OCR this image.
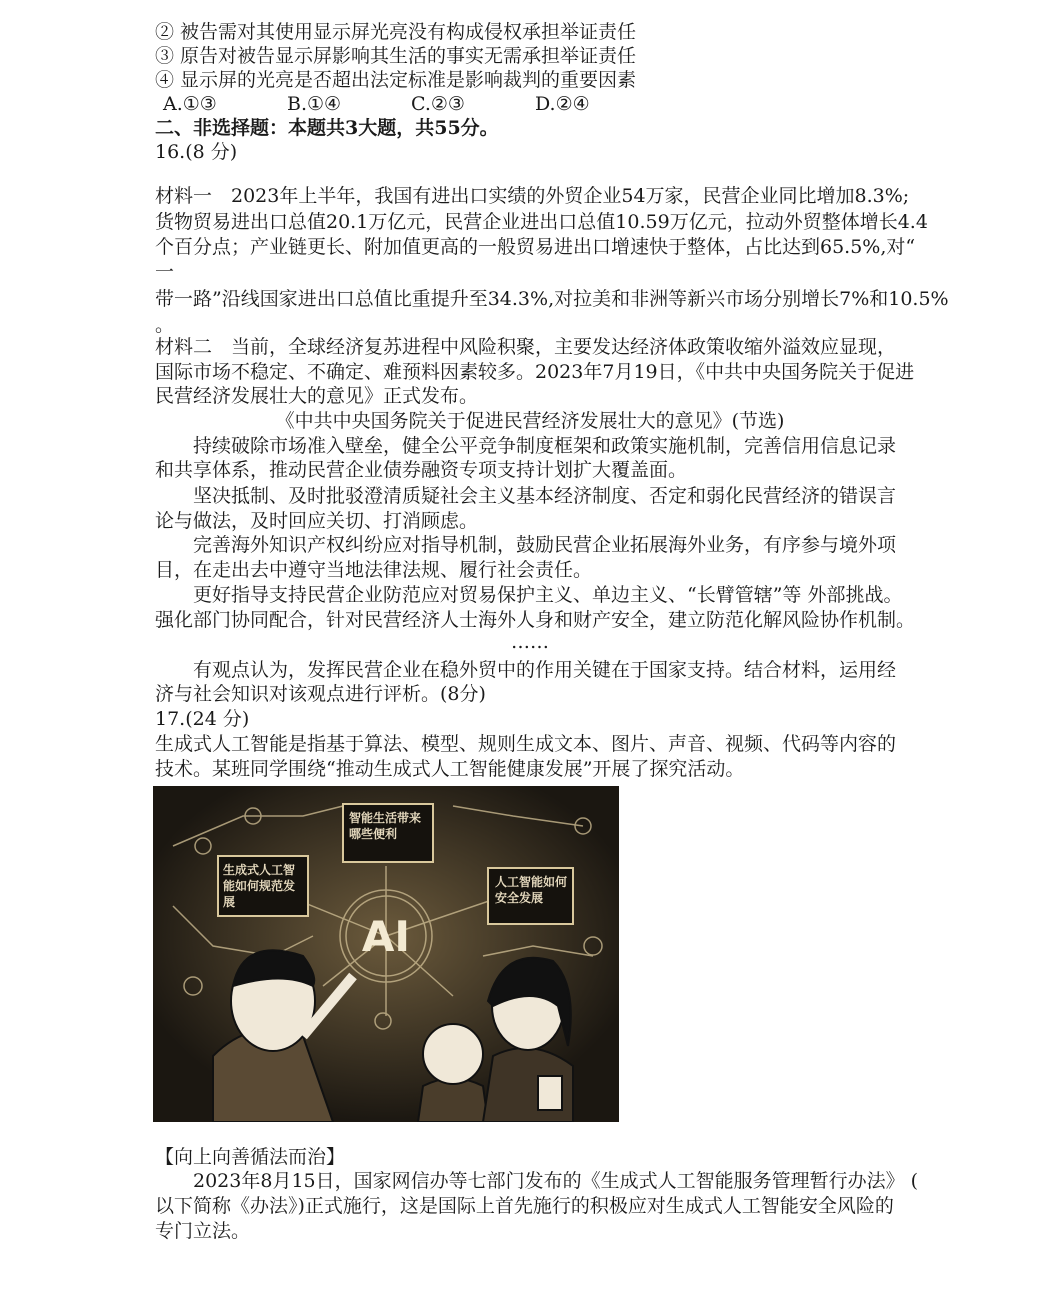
② 被告需对其使用显示屏光亮没有构成侵权承担举证责任
③ 原告对被告显示屏影响其生活的事实无需承担举证责任
④ 显示屏的光亮是否超出法定标准是影响裁判的重要因素
A.①③	B.①④	C.②③	D.②④
二、非选择题：本题共3大题，共55分。
16.(8 分)
材料一　2023年上半年，我国有进出口实绩的外贸企业54万家，民营企业同比增加8.3%;
货物贸易进出口总值20.1万亿元，民营企业进出口总值10.59万亿元，拉动外贸整体增长4.4
个百分点；产业链更长、附加值更高的一般贸易进出口增速快于整体，占比达到65.5%,对“
一
带一路”沿线国家进出口总值比重提升至34.3%,对拉美和非洲等新兴市场分别增长7%和10.5%
。
材料二　当前，全球经济复苏进程中风险积聚，主要发达经济体政策收缩外溢效应显现，
国际市场不稳定、不确定、难预料因素较多。2023年7月19日，《中共中央国务院关于促进
民营经济发展壮大的意见》正式发布。
《中共中央国务院关于促进民营经济发展壮大的意见》(节选)
持续破除市场准入壁垒，健全公平竞争制度框架和政策实施机制，完善信用信息记录
和共享体系，推动民营企业债券融资专项支持计划扩大覆盖面。
坚决抵制、及时批驳澄清质疑社会主义基本经济制度、否定和弱化民营经济的错误言
论与做法，及时回应关切、打消顾虑。
完善海外知识产权纠纷应对指导机制，鼓励民营企业拓展海外业务，有序参与境外项
目，在走出去中遵守当地法律法规、履行社会责任。
更好指导支持民营企业防范应对贸易保护主义、单边主义、“长臂管辖”等 外部挑战。
强化部门协同配合，针对民营经济人士海外人身和财产安全，建立防范化解风险协作机制。
……
有观点认为，发挥民营企业在稳外贸中的作用关键在于国家支持。结合材料，运用经
济与社会知识对该观点进行评析。(8分)
17.(24 分)
生成式人工智能是指基于算法、模型、规则生成文本、图片、声音、视频、代码等内容的
技术。某班同学围绕“推动生成式人工智能健康发展”开展了探究活动。
生成式人工智能如何规范发展
智能生活带来哪些便利
人工智能如何安全发展
AI
【向上向善循法而治】
2023年8月15日，国家网信办等七部门发布的《生成式人工智能服务管理暂行办法》 (
以下简称《办法》)正式施行，这是国际上首先施行的积极应对生成式人工智能安全风险的
专门立法。
